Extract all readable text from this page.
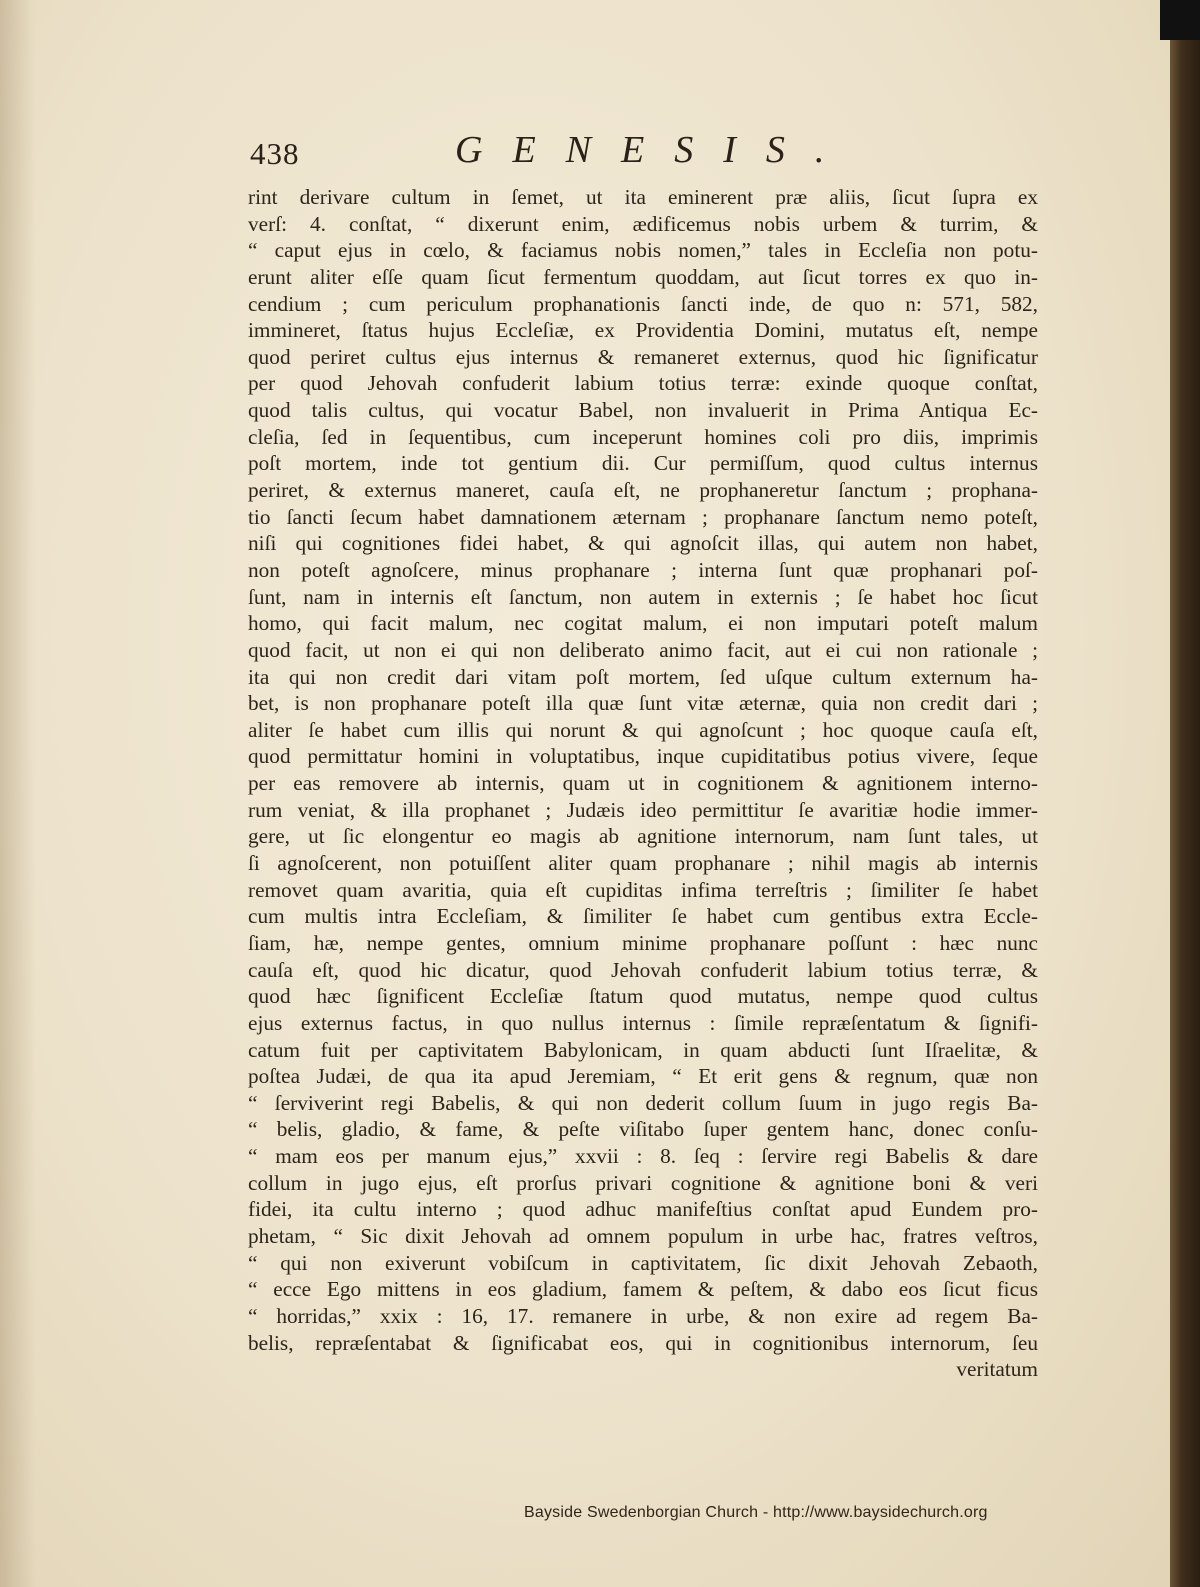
438	GENESIS.
rint derivare cultum in ſemet, ut ita eminerent præ aliis, ſicut ſupra ex
verſ: 4. conſtat, “ dixerunt enim, ædificemus nobis urbem & turrim, &
“ caput ejus in cœlo, & faciamus nobis nomen,” tales in Eccleſia non potu-
erunt aliter eſſe quam ſicut fermentum quoddam, aut ſicut torres ex quo in-
cendium ; cum periculum prophanationis ſancti inde, de quo n: 571, 582,
immineret, ſtatus hujus Eccleſiæ, ex Providentia Domini, mutatus eſt, nempe
quod periret cultus ejus internus & remaneret externus, quod hic ſignificatur
per quod Jehovah confuderit labium totius terræ: exinde quoque conſtat,
quod talis cultus, qui vocatur Babel, non invaluerit in Prima Antiqua Ec-
cleſia, ſed in ſequentibus, cum inceperunt homines coli pro diis, imprimis
poſt mortem, inde tot gentium dii. Cur permiſſum, quod cultus internus
periret, & externus maneret, cauſa eſt, ne prophaneretur ſanctum ; prophana-
tio ſancti ſecum habet damnationem æternam ; prophanare ſanctum nemo poteſt,
niſi qui cognitiones fidei habet, & qui agnoſcit illas, qui autem non habet,
non poteſt agnoſcere, minus prophanare ; interna ſunt quæ prophanari poſ-
ſunt, nam in internis eſt ſanctum, non autem in externis ; ſe habet hoc ſicut
homo, qui facit malum, nec cogitat malum, ei non imputari poteſt malum
quod facit, ut non ei qui non deliberato animo facit, aut ei cui non rationale ;
ita qui non credit dari vitam poſt mortem, ſed uſque cultum externum ha-
bet, is non prophanare poteſt illa quæ ſunt vitæ æternæ, quia non credit dari ;
aliter ſe habet cum illis qui norunt & qui agnoſcunt ; hoc quoque cauſa eſt,
quod permittatur homini in voluptatibus, inque cupiditatibus potius vivere, ſeque
per eas removere ab internis, quam ut in cognitionem & agnitionem interno-
rum veniat, & illa prophanet ; Judæis ideo permittitur ſe avaritiæ hodie immer-
gere, ut ſic elongentur eo magis ab agnitione internorum, nam ſunt tales, ut
ſi agnoſcerent, non potuiſſent aliter quam prophanare ; nihil magis ab internis
removet quam avaritia, quia eſt cupiditas infima terreſtris ; ſimiliter ſe habet
cum multis intra Eccleſiam, & ſimiliter ſe habet cum gentibus extra Eccle-
ſiam, hæ, nempe gentes, omnium minime prophanare poſſunt : hæc nunc
cauſa eſt, quod hic dicatur, quod Jehovah confuderit labium totius terræ, &
quod hæc ſignificent Eccleſiæ ſtatum quod mutatus, nempe quod cultus
ejus externus factus, in quo nullus internus : ſimile repræſentatum & ſignifi-
catum fuit per captivitatem Babylonicam, in quam abducti ſunt Iſraelitæ, &
poſtea Judæi, de qua ita apud Jeremiam, “ Et erit gens & regnum, quæ non
“ ſerviverint regi Babelis, & qui non dederit collum ſuum in jugo regis Ba-
“ belis, gladio, & fame, & peſte viſitabo ſuper gentem hanc, donec conſu-
“ mam eos per manum ejus,” xxvii : 8. ſeq : ſervire regi Babelis & dare
collum in jugo ejus, eſt prorſus privari cognitione & agnitione boni & veri
fidei, ita cultu interno ; quod adhuc manifeſtius conſtat apud Eundem pro-
phetam, “ Sic dixit Jehovah ad omnem populum in urbe hac, fratres veſtros,
“ qui non exiverunt vobiſcum in captivitatem, ſic dixit Jehovah Zebaoth,
“ ecce Ego mittens in eos gladium, famem & peſtem, & dabo eos ſicut ficus
“ horridas,” xxix : 16, 17. remanere in urbe, & non exire ad regem Ba-
belis, repræſentabat & ſignificabat eos, qui in cognitionibus internorum, ſeu
veritatum
Bayside Swedenborgian Church - http://www.baysidechurch.org
